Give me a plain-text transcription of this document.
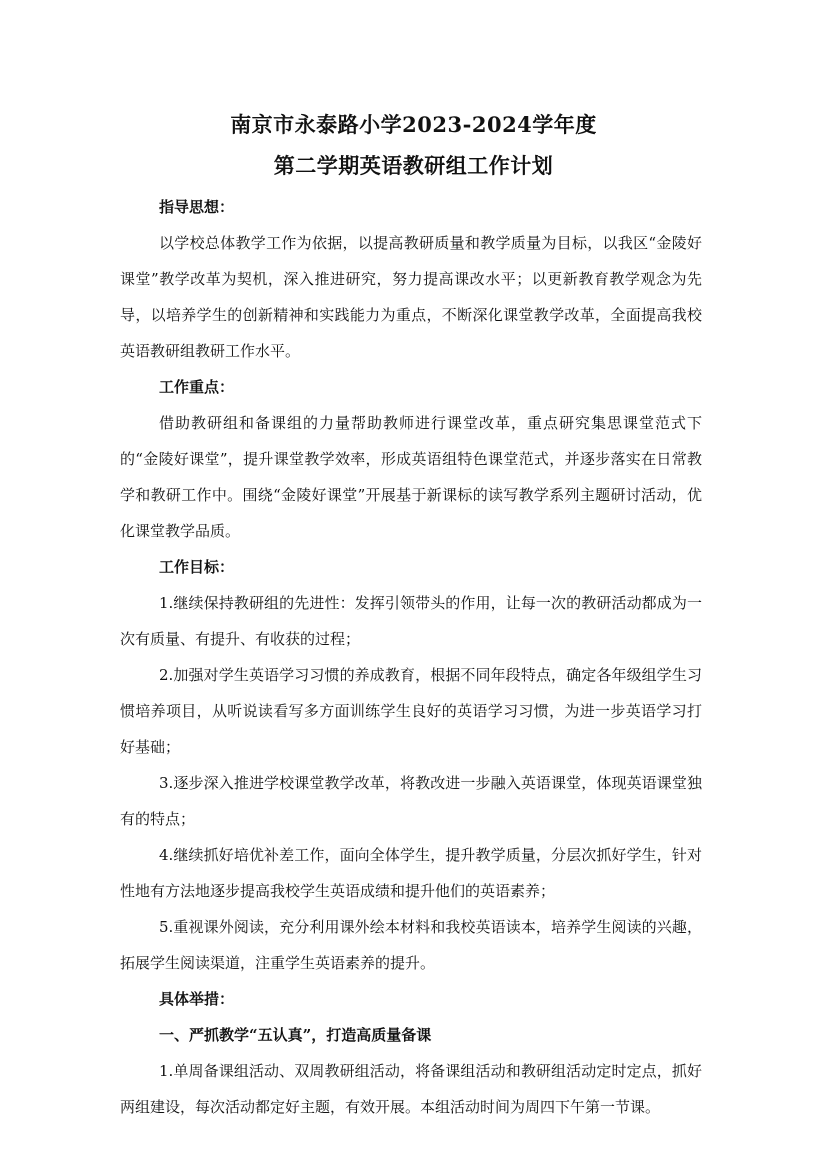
南京市永泰路小学2023-2024学年度
第二学期英语教研组工作计划

指导思想：

以学校总体教学工作为依据，以提高教研质量和教学质量为目标，以我区“金陵好课堂”教学改革为契机，深入推进研究，努力提高课改水平；以更新教育教学观念为先导，以培养学生的创新精神和实践能力为重点，不断深化课堂教学改革，全面提高我校英语教研组教研工作水平。

工作重点：

借助教研组和备课组的力量帮助教师进行课堂改革，重点研究集思课堂范式下的“金陵好课堂”，提升课堂教学效率，形成英语组特色课堂范式，并逐步落实在日常教学和教研工作中。围绕“金陵好课堂”开展基于新课标的读写教学系列主题研讨活动，优化课堂教学品质。

工作目标：

1.继续保持教研组的先进性：发挥引领带头的作用，让每一次的教研活动都成为一次有质量、有提升、有收获的过程；

2.加强对学生英语学习习惯的养成教育，根据不同年段特点，确定各年级组学生习惯培养项目，从听说读看写多方面训练学生良好的英语学习习惯，为进一步英语学习打好基础；

3.逐步深入推进学校课堂教学改革，将教改进一步融入英语课堂，体现英语课堂独有的特点；

4.继续抓好培优补差工作，面向全体学生，提升教学质量，分层次抓好学生，针对性地有方法地逐步提高我校学生英语成绩和提升他们的英语素养；

5.重视课外阅读，充分利用课外绘本材料和我校英语读本，培养学生阅读的兴趣，拓展学生阅读渠道，注重学生英语素养的提升。

具体举措：

一、严抓教学“五认真”，打造高质量备课

1.单周备课组活动、双周教研组活动，将备课组活动和教研组活动定时定点，抓好两组建设，每次活动都定好主题，有效开展。本组活动时间为周四下午第一节课。
